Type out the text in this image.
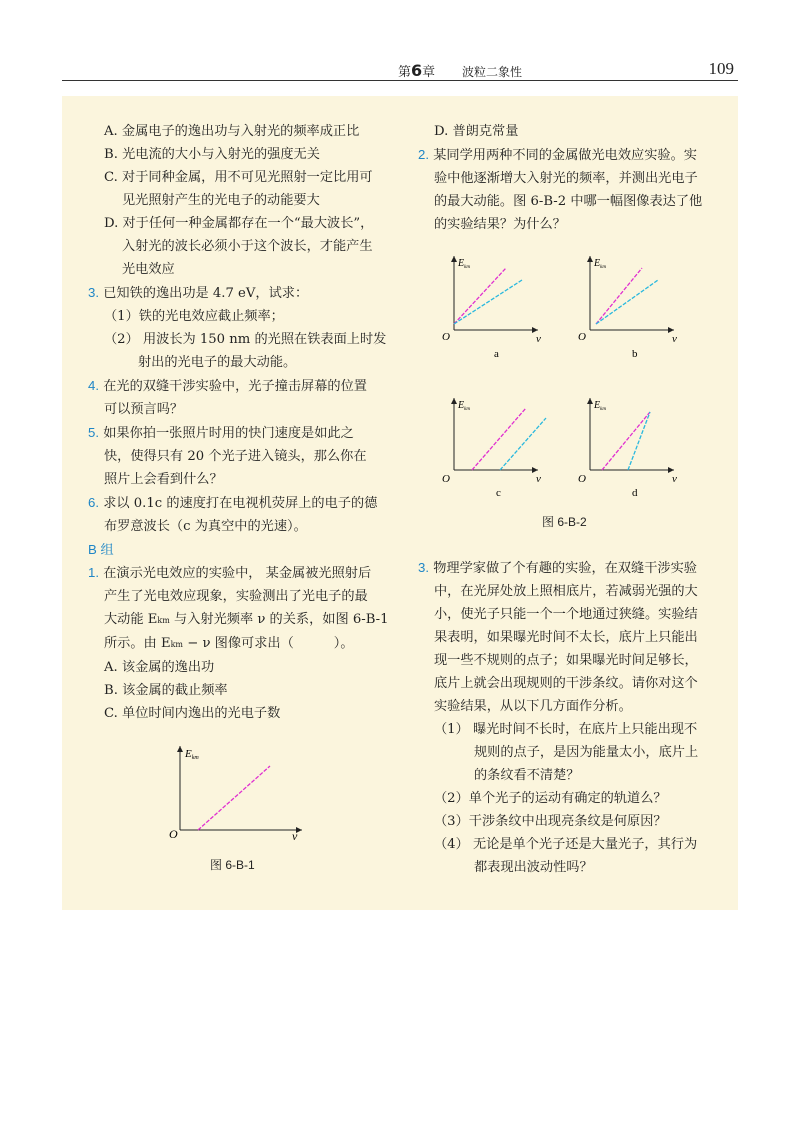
第6章 波粒二象性	109
A. 金属电子的逸出功与入射光的频率成正比
B. 光电流的大小与入射光的强度无关
C. 对于同种金属，用不可见光照射一定比用可
见光照射产生的光电子的动能要大
D. 对于任何一种金属都存在一个“最大波长”，
入射光的波长必须小于这个波长，才能产生
光电效应
3. 已知铁的逸出功是 4.7 eV，试求：
（1）铁的光电效应截止频率；
（2） 用波长为 150 nm 的光照在铁表面上时发
射出的光电子的最大动能。
4. 在光的双缝干涉实验中，光子撞击屏幕的位置
可以预言吗？
5. 如果你拍一张照片时用的快门速度是如此之
快，使得只有 20 个光子进入镜头，那么你在
照片上会看到什么？
6. 求以 0.1c 的速度打在电视机荧屏上的电子的德
布罗意波长（c 为真空中的光速）。
B 组
1. 在演示光电效应的实验中， 某金属被光照射后
产生了光电效应现象，实验测出了光电子的最
大动能 Ekm 与入射光频率 ν 的关系，如图 6-B-1
所示。由 Ekm − ν 图像可求出（	）。
A. 该金属的逸出功
B. 该金属的截止频率
C. 单位时间内逸出的光电子数
Ekm
O	ν
图 6-B-1
D. 普朗克常量
2. 某同学用两种不同的金属做光电效应实验。实
验中他逐渐增大入射光的频率，并测出光电子
的最大动能。图 6-B-2 中哪一幅图像表达了他
的实验结果？为什么？
$E_{km}$
O	ν
a
$E_{km}$
O	ν
b
$E_{km}$
O	ν
c
$E_{km}$
O	ν
d
图 6-B-2
3. 物理学家做了个有趣的实验，在双缝干涉实验
中，在光屏处放上照相底片，若减弱光强的大
小，使光子只能一个一个地通过狭缝。实验结
果表明，如果曝光时间不太长，底片上只能出
现一些不规则的点子；如果曝光时间足够长，
底片上就会出现规则的干涉条纹。请你对这个
实验结果，从以下几方面作分析。
（1） 曝光时间不长时，在底片上只能出现不
规则的点子，是因为能量太小，底片上
的条纹看不清楚？
（2）单个光子的运动有确定的轨道么？
（3）干涉条纹中出现亮条纹是何原因？
（4） 无论是单个光子还是大量光子，其行为
都表现出波动性吗？
